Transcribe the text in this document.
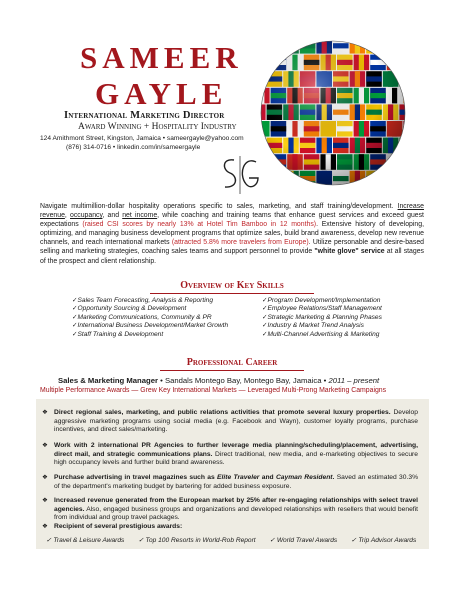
SAMEER
GAYLE
International Marketing Director
Award Winning + Hospitality Industry
124 Amithmont Street, Kingston, Jamaica • sameergayle@yahoo.com
(876) 314-0716 • linkedin.com/in/sameergayle
Navigate multimillion-dollar hospitality operations specific to sales, marketing, and staff training/development. Increase revenue, occupancy, and net income, while coaching and training teams that enhance guest services and exceed guest expectations (raised CSI scores by nearly 13% at Hotel Tim Bamboo in 12 months). Extensive history of developing, optimizing, and managing business development programs that optimize sales, build brand awareness, develop new revenue channels, and reach international markets (attracted 5.8% more travelers from Europe). Utilize personable and desire-based selling and marketing strategies, coaching sales teams and support personnel to provide "white glove" service at all stages of the prospect and client relationship.
Overview of Key Skills
✓ Sales Team Forecasting, Analysis & Reporting
✓ Opportunity Sourcing & Development
✓ Marketing Communications, Community & PR
✓ International Business Development/Market Growth
✓ Staff Training & Development
✓ Program Development/Implementation
✓ Employee Relations/Staff Management
✓ Strategic Marketing & Planning Phases
✓ Industry & Market Trend Analysis
✓ Multi-Channel Advertising & Marketing
Professional Career
Sales & Marketing Manager • Sandals Montego Bay, Montego Bay, Jamaica • 2011 – present
Multiple Performance Awards — Grew Key International Markets — Leveraged Multi-Prong Marketing Campaigns
❖ Direct regional sales, marketing, and public relations activities that promote several luxury properties. Develop aggressive marketing programs using social media (e.g. Facebook and Wayn), customer loyalty programs, purchase incentives, and direct sales/marketing.
❖ Work with 2 international PR Agencies to further leverage media planning/scheduling/placement, advertising, direct mail, and strategic communications plans. Direct traditional, new media, and e-marketing objectives to secure high occupancy levels and further build brand awareness.
❖ Purchase advertising in travel magazines such as Elite Traveler and Cayman Resident. Saved an estimated 30.3% of the department's marketing budget by bartering for added business exposure.
❖ Increased revenue generated from the European market by 25% after re-engaging relationships with select travel agencies. Also, engaged business groups and organizations and developed relationships with resellers that would benefit from individual and group travel packages.
❖ Recipient of several prestigious awards:
✓ Travel & Leisure Awards ✓ Top 100 Resorts in World-Rob Report ✓ World Travel Awards ✓ Trip Advisor Awards
